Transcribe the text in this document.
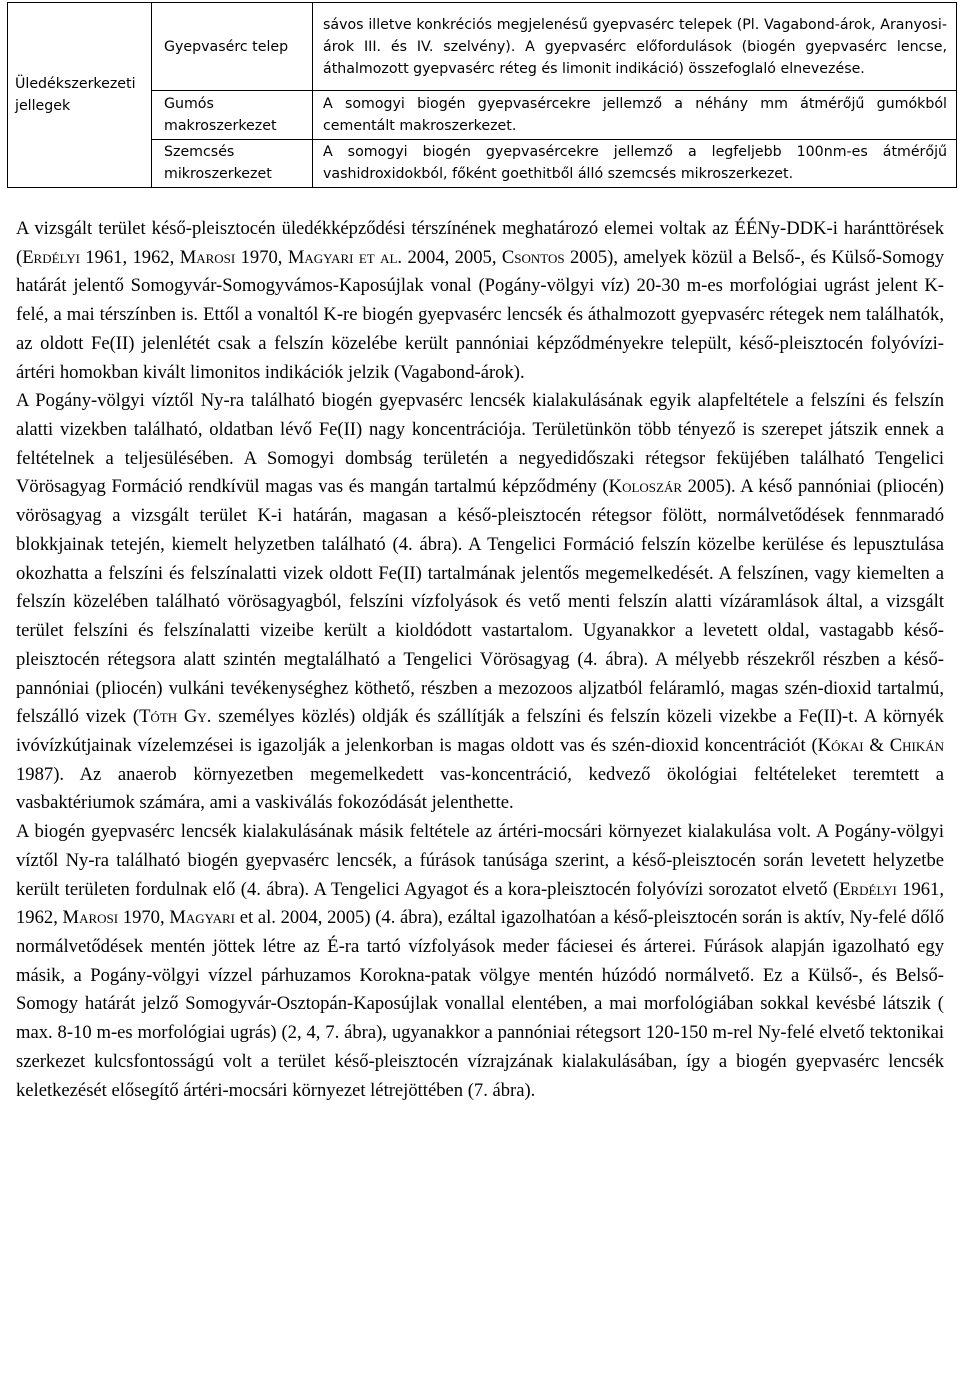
Üledékszerkezeti jellegek	Gyepvasérc telep	sávos illetve konkréciós megjelenésű gyepvasérc telepek (Pl. Vagabond-árok, Aranyosi-árok III. és IV. szelvény). A gyepvasérc előfordulások (biogén gyepvasérc lencse, áthalmozott gyepvasérc réteg és limonit indikáció) összefoglaló elnevezése.
	Gumós makroszerkezet	A somogyi biogén gyepvasércekre jellemző a néhány mm átmérőjű gumókból cementált makroszerkezet.
	Szemcsés mikroszerkezet	A somogyi biogén gyepvasércekre jellemző a legfeljebb 100nm-es átmérőjű vashidroxidokból, főként goethitből álló szemcsés mikroszerkezet.

A vizsgált terület késő-pleisztocén üledékképződési térszínének meghatározó elemei voltak az ÉÉNy-DDK-i haránttörések (Erdélyi 1961, 1962, Marosi 1970, Magyari et al. 2004, 2005, Csontos 2005), amelyek közül a Belső-, és Külső-Somogy határát jelentő Somogyvár-Somogyvámos-Kaposújlak vonal (Pogány-völgyi víz) 20-30 m-es morfológiai ugrást jelent K-felé, a mai térszínben is. Ettől a vonaltól K-re biogén gyepvasérc lencsék és áthalmozott gyepvasérc rétegek nem találhatók, az oldott Fe(II) jelenlétét csak a felszín közelébe került pannóniai képződményekre települt, késő-pleisztocén folyóvízi-ártéri homokban kivált limonitos indikációk jelzik (Vagabond-árok).

A Pogány-völgyi víztől Ny-ra található biogén gyepvasérc lencsék kialakulásának egyik alapfeltétele a felszíni és felszín alatti vizekben található, oldatban lévő Fe(II) nagy koncentrációja. Területünkön több tényező is szerepet játszik ennek a feltételnek a teljesülésében. A Somogyi dombság területén a negyedidőszaki rétegsor feküjében található Tengelici Vörösagyag Formáció rendkívül magas vas és mangán tartalmú képződmény (Koloszár 2005). A késő pannóniai (pliocén) vörösagyag a vizsgált terület K-i határán, magasan a késő-pleisztocén rétegsor fölött, normálvetődések fennmaradó blokkjainak tetején, kiemelt helyzetben található (4. ábra). A Tengelici Formáció felszín közelbe kerülése és lepusztulása okozhatta a felszíni és felszínalatti vizek oldott Fe(II) tartalmának jelentős megemelkedését. A felszínen, vagy kiemelten a felszín közelében található vörösagyagból, felszíni vízfolyások és vető menti felszín alatti vízáramlások által, a vizsgált terület felszíni és felszínalatti vizeibe került a kioldódott vastartalom. Ugyanakkor a levetett oldal, vastagabb késő-pleisztocén rétegsora alatt szintén megtalálható a Tengelici Vörösagyag (4. ábra). A mélyebb részekről részben a késő-pannóniai (pliocén) vulkáni tevékenységhez köthető, részben a mezozoos aljzatból feláramló, magas szén-dioxid tartalmú, felszálló vizek (Tóth Gy. személyes közlés) oldják és szállítják a felszíni és felszín közeli vizekbe a Fe(II)-t. A környék ivóvízkútjainak vízelemzései is igazolják a jelenkorban is magas oldott vas és szén-dioxid koncentrációt (Kókai & Chikán 1987). Az anaerob környezetben megemelkedett vas-koncentráció, kedvező ökológiai feltételeket teremtett a vasbaktériumok számára, ami a vaskiválás fokozódását jelenthette.

A biogén gyepvasérc lencsék kialakulásának másik feltétele az ártéri-mocsári környezet kialakulása volt. A Pogány-völgyi víztől Ny-ra található biogén gyepvasérc lencsék, a fúrások tanúsága szerint, a késő-pleisztocén során levetett helyzetbe került területen fordulnak elő (4. ábra). A Tengelici Agyagot és a kora-pleisztocén folyóvízi sorozatot elvető (Erdélyi 1961, 1962, Marosi 1970, Magyari et al. 2004, 2005) (4. ábra), ezáltal igazolhatóan a késő-pleisztocén során is aktív, Ny-felé dőlő normálvetődések mentén jöttek létre az É-ra tartó vízfolyások meder fáciesei és árterei. Fúrások alapján igazolható egy másik, a Pogány-völgyi vízzel párhuzamos Korokna-patak völgye mentén húzódó normálvető. Ez a Külső-, és Belső-Somogy határát jelző Somogyvár-Osztopán-Kaposújlak vonallal elentében, a mai morfológiában sokkal kevésbé látszik ( max. 8-10 m-es morfológiai ugrás) (2, 4, 7. ábra), ugyanakkor a pannóniai rétegsort 120-150 m-rel Ny-felé elvető tektonikai szerkezet kulcsfontosságú volt a terület késő-pleisztocén vízrajzának kialakulásában, így a biogén gyepvasérc lencsék keletkezését elősegítő ártéri-mocsári környezet létrejöttében (7. ábra).
